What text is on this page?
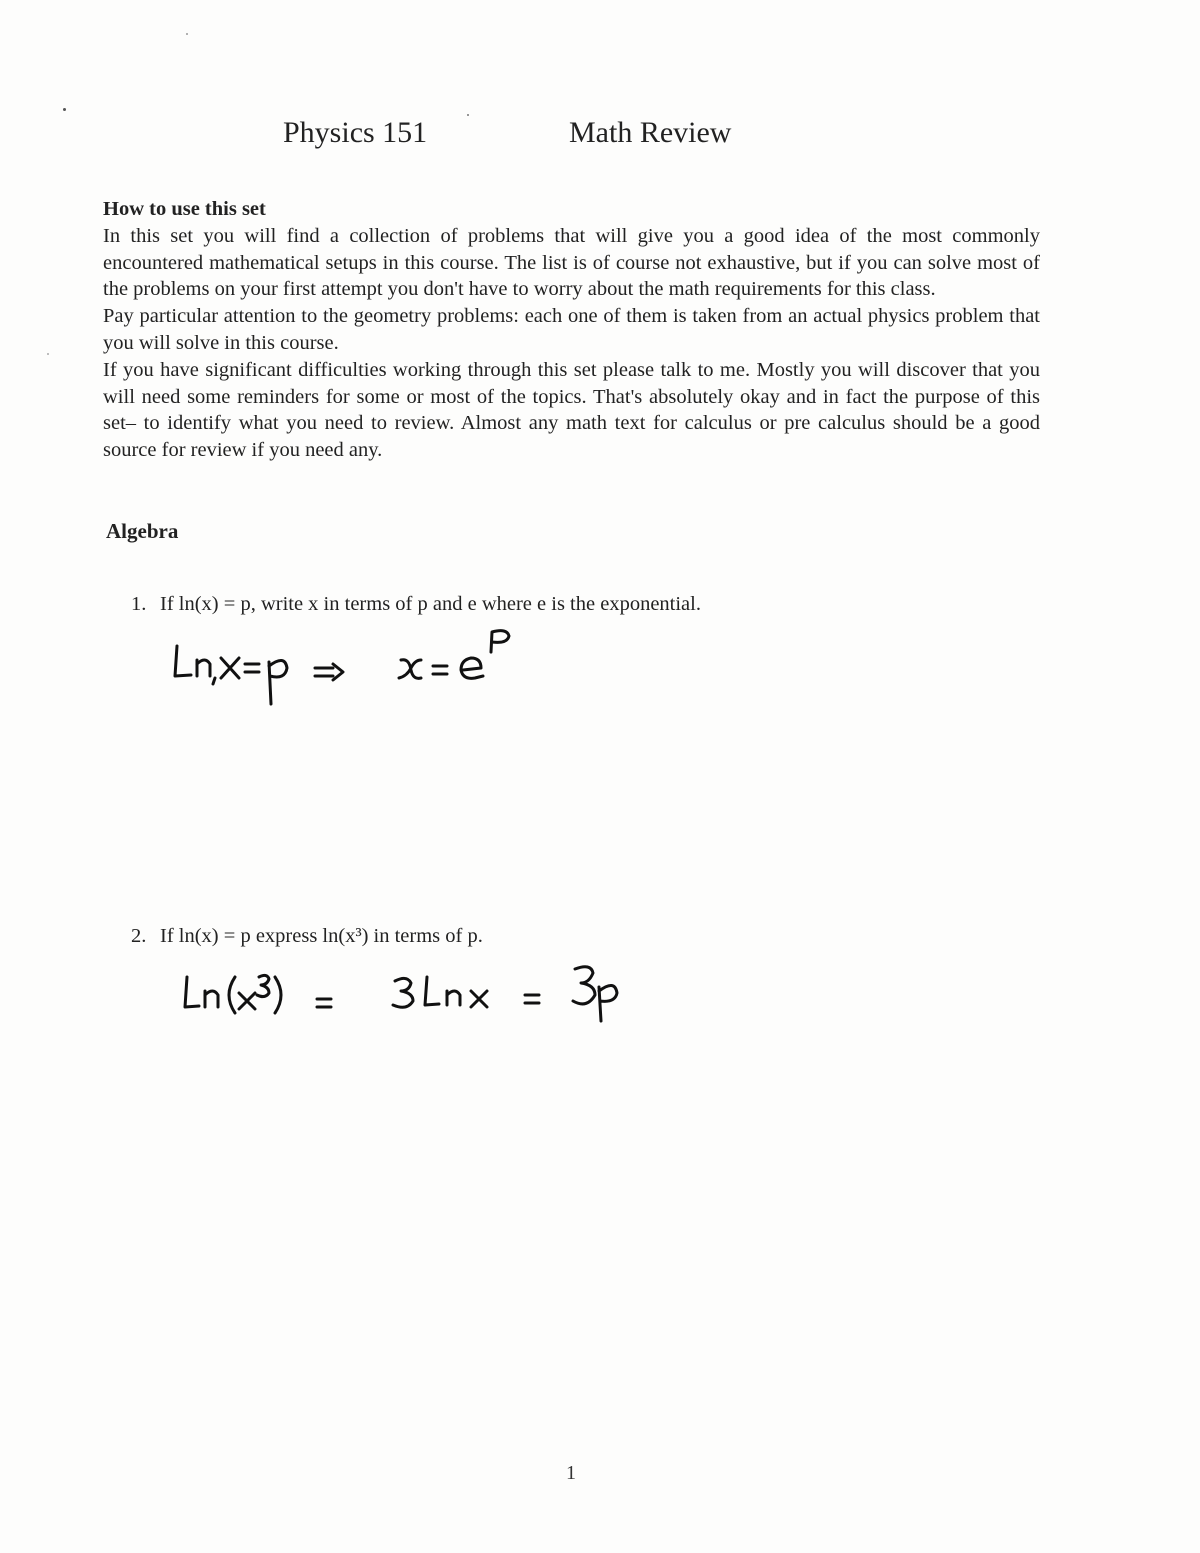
Physics 151	Math Review
How to use this set

In this set you will find a collection of problems that will give you a good idea of the most commonly encountered mathematical setups in this course. The list is of course not exhaustive, but if you can solve most of the problems on your first attempt you don't have to worry about the math requirements for this class.

Pay particular attention to the geometry problems: each one of them is taken from an actual physics problem that you will solve in this course.

If you have significant difficulties working through this set please talk to me. Mostly you will discover that you will need some reminders for some or most of the topics. That's absolutely okay and in fact the purpose of this set– to identify what you need to review. Almost any math text for calculus or pre calculus should be a good source for review if you need any.

Algebra
1. If ln(x) = p, write x in terms of p and e where e is the exponential.
2. If ln(x) = p express ln(x³) in terms of p.
1
